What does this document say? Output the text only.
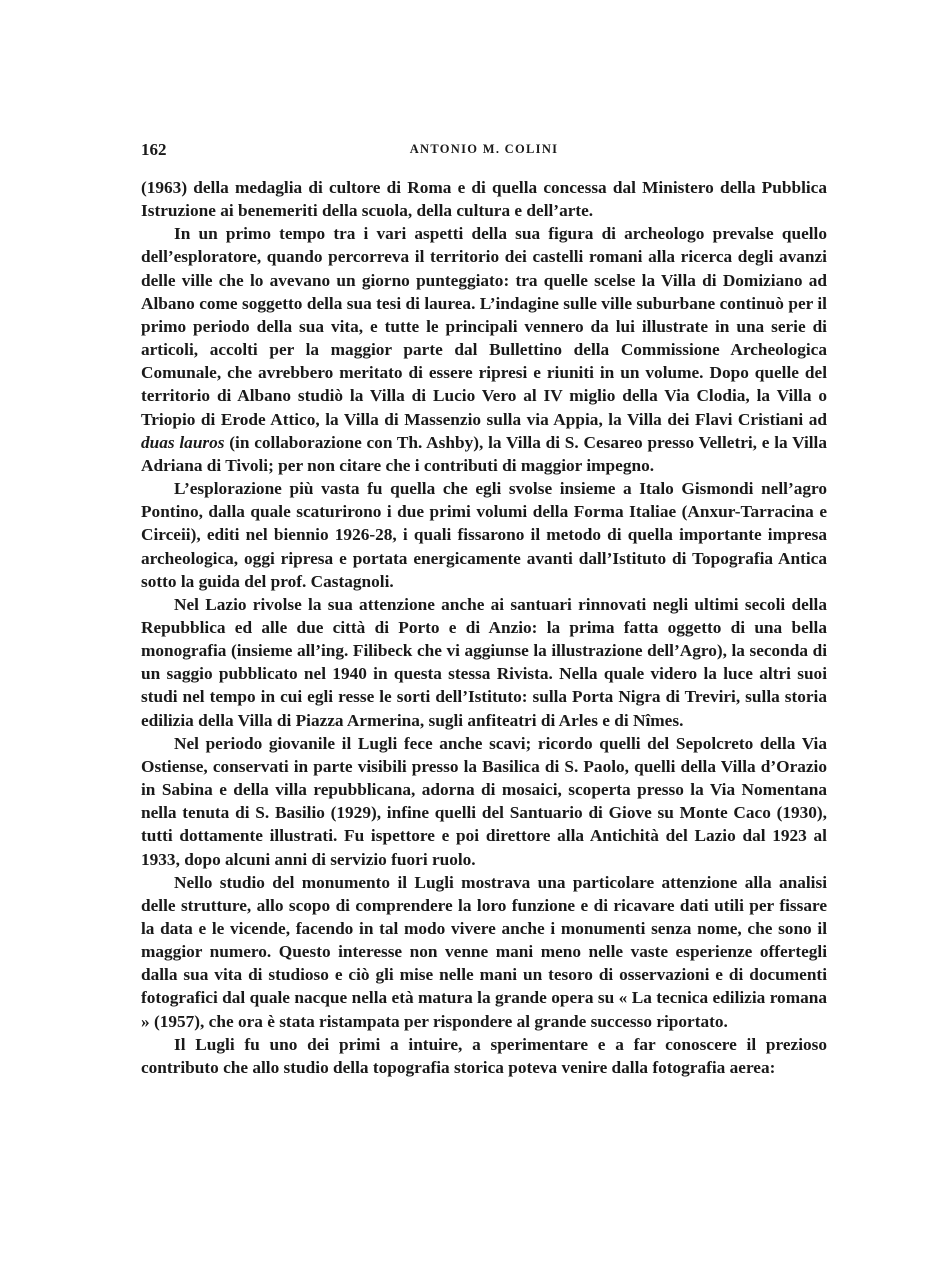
162	ANTONIO M. COLINI

(1963) della medaglia di cultore di Roma e di quella concessa dal Ministero della Pubblica Istruzione ai benemeriti della scuola, della cultura e dell’arte.

In un primo tempo tra i vari aspetti della sua figura di archeologo prevalse quello dell’esploratore, quando percorreva il territorio dei castelli romani alla ricerca degli avanzi delle ville che lo avevano un giorno punteggiato: tra quelle scelse la Villa di Domiziano ad Albano come soggetto della sua tesi di laurea. L’indagine sulle ville suburbane continuò per il primo periodo della sua vita, e tutte le principali vennero da lui illustrate in una serie di articoli, accolti per la maggior parte dal Bullettino della Commissione Archeologica Comunale, che avrebbero meritato di essere ripresi e riuniti in un volume. Dopo quelle del territorio di Albano studiò la Villa di Lucio Vero al IV miglio della Via Clodia, la Villa o Triopio di Erode Attico, la Villa di Massenzio sulla via Appia, la Villa dei Flavi Cristiani ad duas lauros (in collaborazione con Th. Ashby), la Villa di S. Cesareo presso Velletri, e la Villa Adriana di Tivoli; per non citare che i contributi di maggior impegno.

L’esplorazione più vasta fu quella che egli svolse insieme a Italo Gismondi nell’agro Pontino, dalla quale scaturirono i due primi volumi della Forma Italiae (Anxur-Tarracina e Circeii), editi nel biennio 1926-28, i quali fissarono il metodo di quella importante impresa archeologica, oggi ripresa e portata energicamente avanti dall’Istituto di Topografia Antica sotto la guida del prof. Castagnoli.

Nel Lazio rivolse la sua attenzione anche ai santuari rinnovati negli ultimi secoli della Repubblica ed alle due città di Porto e di Anzio: la prima fatta oggetto di una bella monografia (insieme all’ing. Filibeck che vi aggiunse la illustrazione dell’Agro), la seconda di un saggio pubblicato nel 1940 in questa stessa Rivista. Nella quale videro la luce altri suoi studi nel tempo in cui egli resse le sorti dell’Istituto: sulla Porta Nigra di Treviri, sulla storia edilizia della Villa di Piazza Armerina, sugli anfiteatri di Arles e di Nîmes.

Nel periodo giovanile il Lugli fece anche scavi; ricordo quelli del Sepolcreto della Via Ostiense, conservati in parte visibili presso la Basilica di S. Paolo, quelli della Villa d’Orazio in Sabina e della villa repubblicana, adorna di mosaici, scoperta presso la Via Nomentana nella tenuta di S. Basilio (1929), infine quelli del Santuario di Giove su Monte Caco (1930), tutti dottamente illustrati. Fu ispettore e poi direttore alla Antichità del Lazio dal 1923 al 1933, dopo alcuni anni di servizio fuori ruolo.

Nello studio del monumento il Lugli mostrava una particolare attenzione alla analisi delle strutture, allo scopo di comprendere la loro funzione e di ricavare dati utili per fissare la data e le vicende, facendo in tal modo vivere anche i monumenti senza nome, che sono il maggior numero. Questo interesse non venne mani meno nelle vaste esperienze offertegli dalla sua vita di studioso e ciò gli mise nelle mani un tesoro di osservazioni e di documenti fotografici dal quale nacque nella età matura la grande opera su « La tecnica edilizia romana » (1957), che ora è stata ristampata per rispondere al grande successo riportato.

Il Lugli fu uno dei primi a intuire, a sperimentare e a far conoscere il prezioso contributo che allo studio della topografia storica poteva venire dalla fotografia aerea:
